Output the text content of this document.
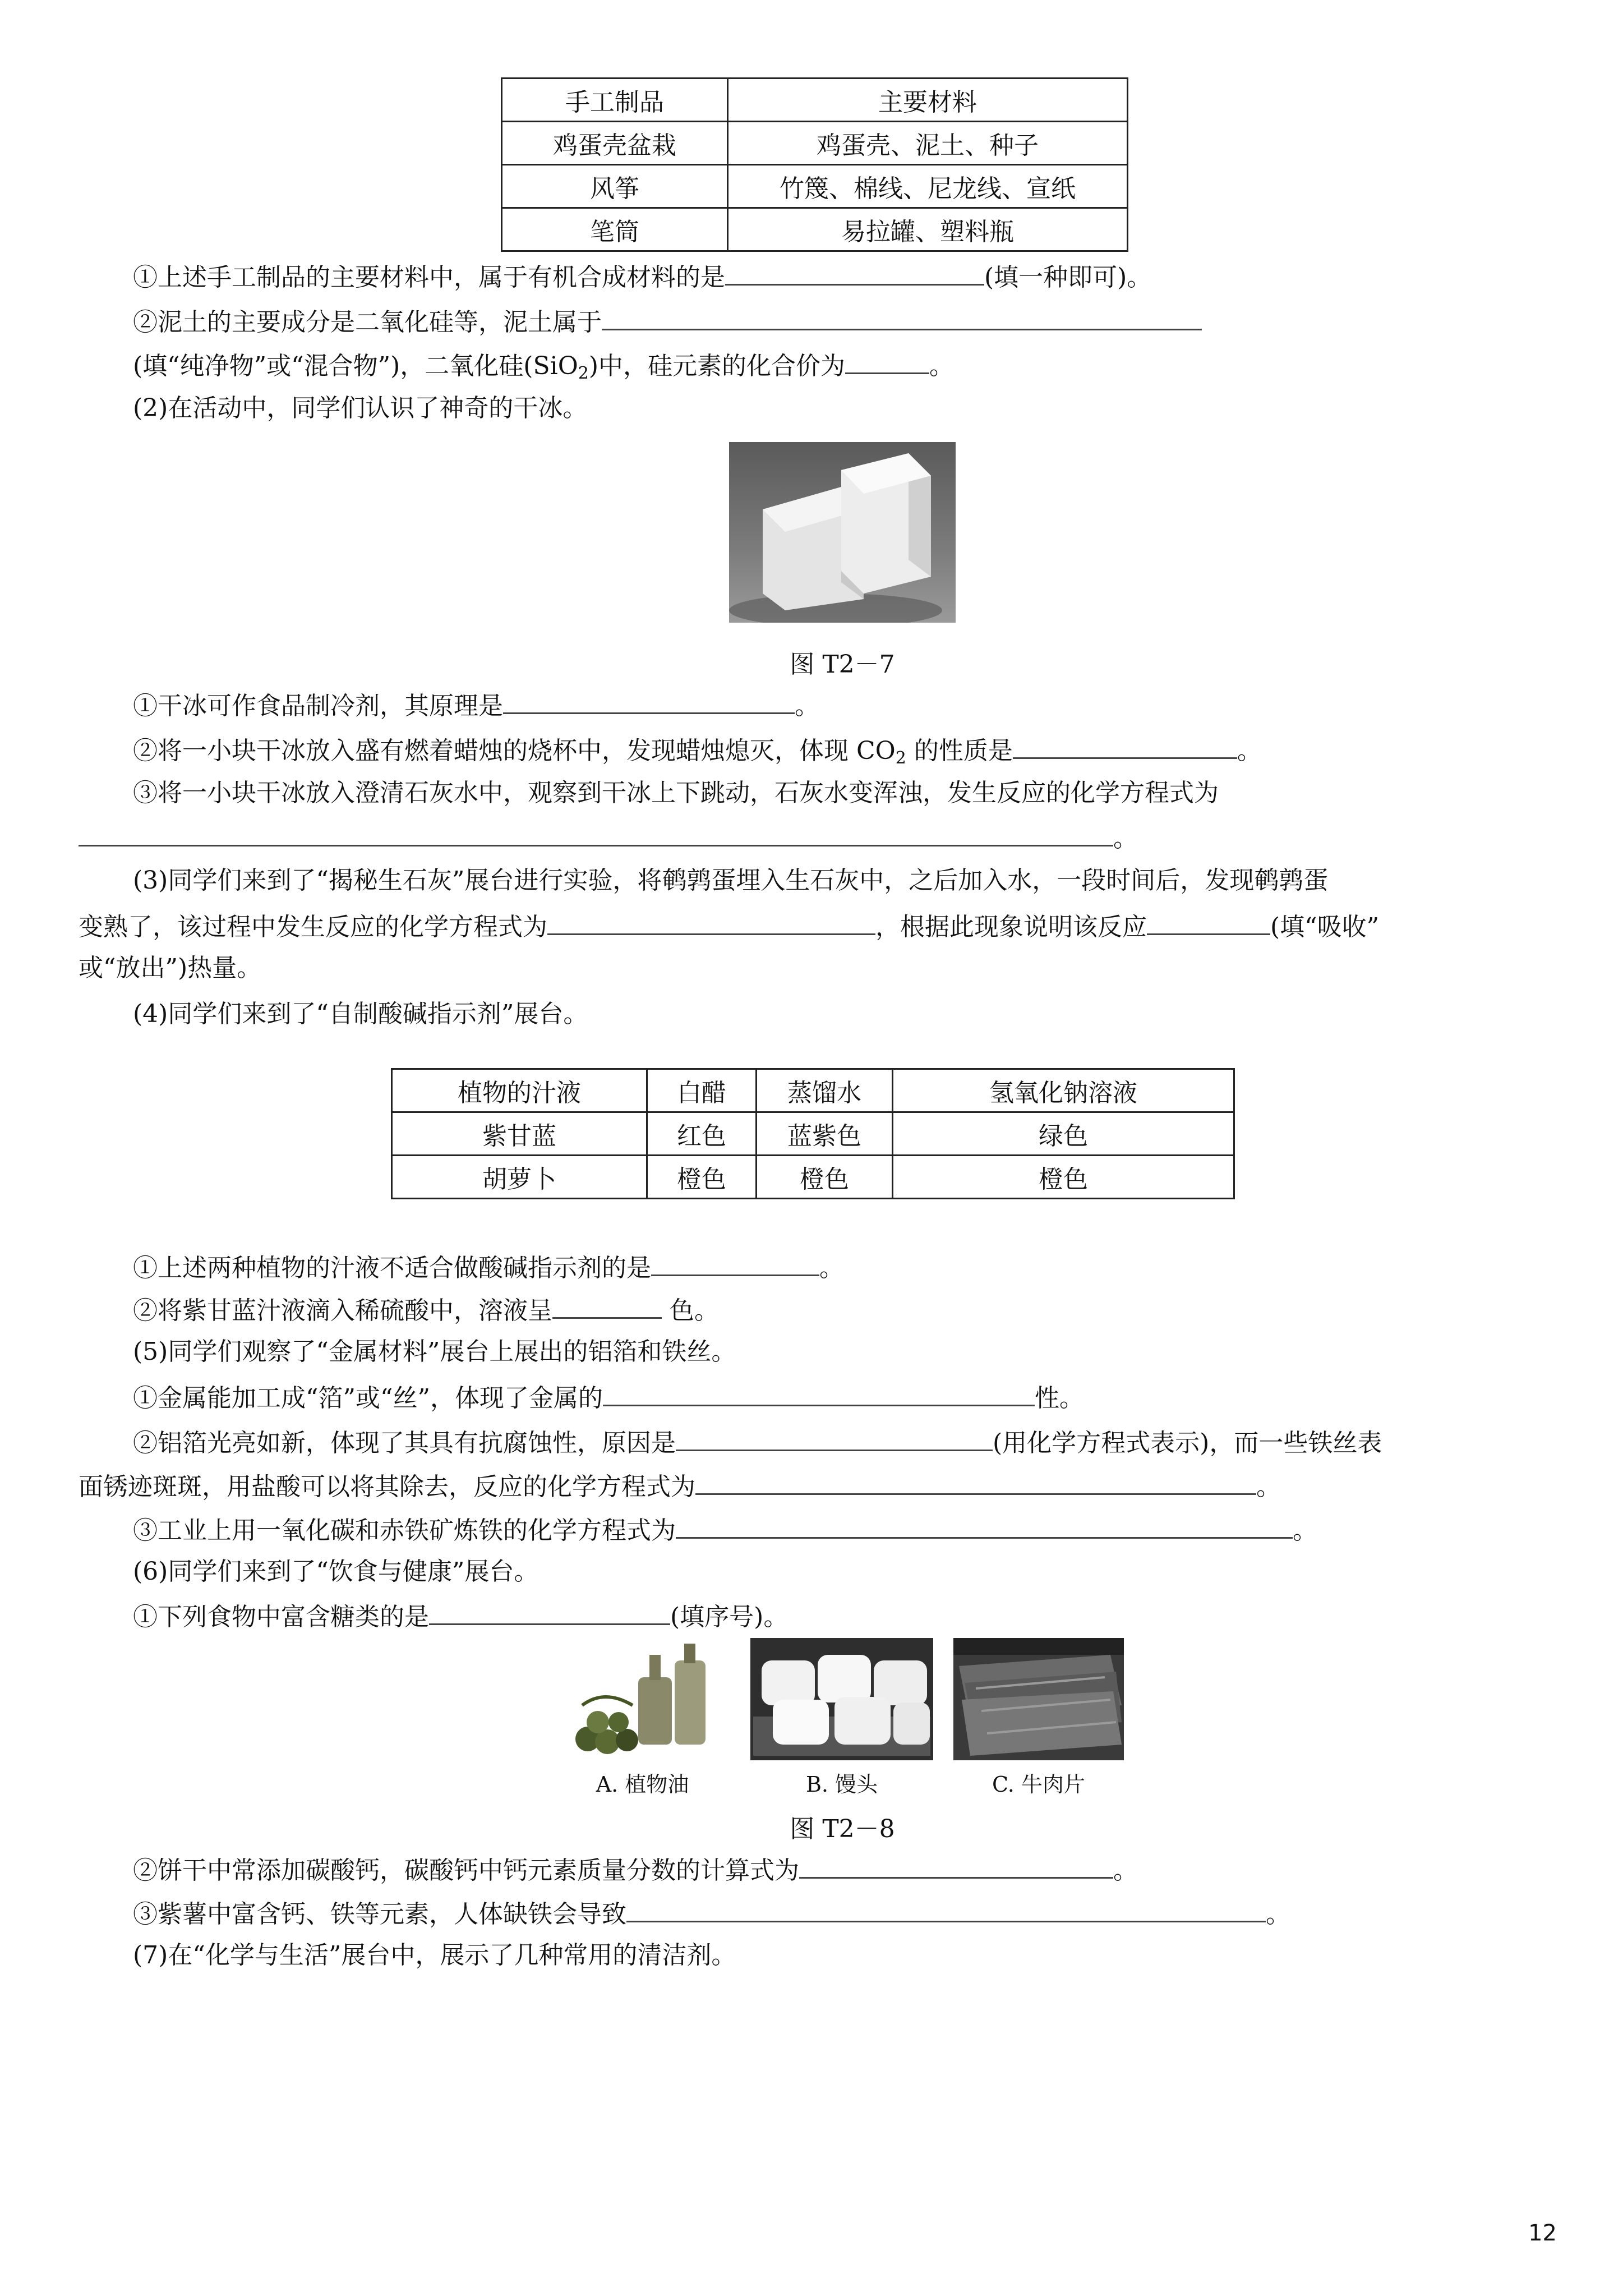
手工制品	主要材料
鸡蛋壳盆栽	鸡蛋壳、泥土、种子
风筝	竹篾、棉线、尼龙线、宣纸
笔筒	易拉罐、塑料瓶
①上述手工制品的主要材料中，属于有机合成材料的是	(填一种即可)。
②泥土的主要成分是二氧化硅等，泥土属于
(填“纯净物”或“混合物”)，二氧化硅(SiO$_2$)中，硅元素的化合价为	。
(2)在活动中，同学们认识了神奇的干冰。
图 T2－7
①干冰可作食品制冷剂，其原理是	。
②将一小块干冰放入盛有燃着蜡烛的烧杯中，发现蜡烛熄灭，体现 $CO_2$ 的性质是	。
③将一小块干冰放入澄清石灰水中，观察到干冰上下跳动，石灰水变浑浊，发生反应的化学方程式为
。
(3)同学们来到了“揭秘生石灰”展台进行实验，将鹌鹑蛋埋入生石灰中，之后加入水，一段时间后，发现鹌鹑蛋
变熟了，该过程中发生反应的化学方程式为	，根据此现象说明该反应	(填“吸收”
或“放出”)热量。
(4)同学们来到了“自制酸碱指示剂”展台。
植物的汁液	白醋	蒸馏水	氢氧化钠溶液
紫甘蓝	红色	蓝紫色	绿色
胡萝卜	橙色	橙色	橙色
①上述两种植物的汁液不适合做酸碱指示剂的是	。
②将紫甘蓝汁液滴入稀硫酸中，溶液呈	色。
(5)同学们观察了“金属材料”展台上展出的铝箔和铁丝。
①金属能加工成“箔”或“丝”，体现了金属的	性。
②铝箔光亮如新，体现了其具有抗腐蚀性，原因是	(用化学方程式表示)，而一些铁丝表
面锈迹斑斑，用盐酸可以将其除去，反应的化学方程式为	。
③工业上用一氧化碳和赤铁矿炼铁的化学方程式为	。
(6)同学们来到了“饮食与健康”展台。
①下列食物中富含糖类的是	(填序号)。
A. 植物油	B. 馒头	C. 牛肉片
图 T2－8
②饼干中常添加碳酸钙，碳酸钙中钙元素质量分数的计算式为	。
③紫薯中富含钙、铁等元素，人体缺铁会导致	。
(7)在“化学与生活”展台中，展示了几种常用的清洁剂。
12
